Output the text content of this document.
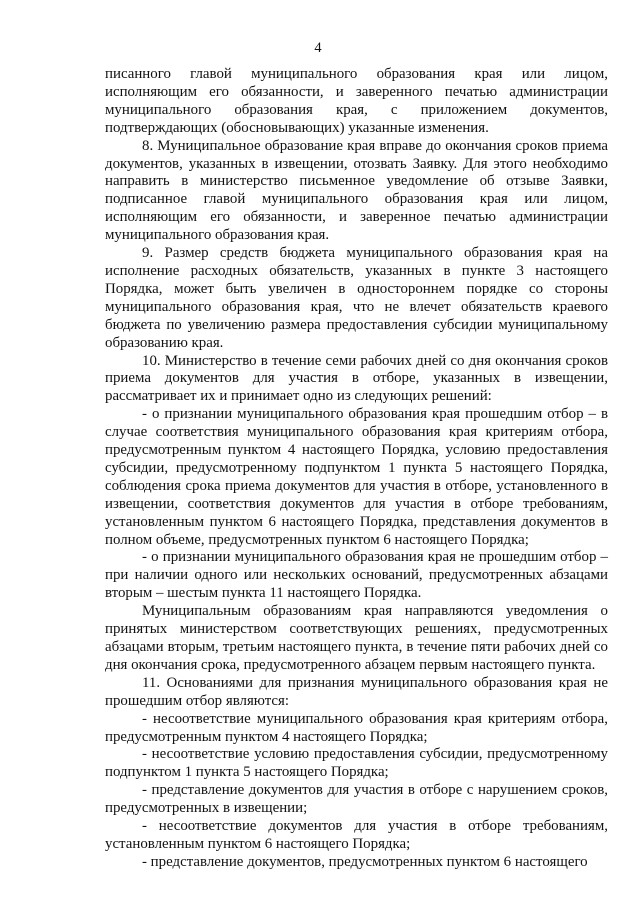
4

писанного главой муниципального образования края или лицом, исполняющим его обязанности, и заверенного печатью администрации муниципального образования края, с приложением документов, подтверждающих (обосновывающих) указанные изменения.

8. Муниципальное образование края вправе до окончания сроков приема документов, указанных в извещении, отозвать Заявку. Для этого необходимо направить в министерство письменное уведомление об отзыве Заявки, подписанное главой муниципального образования края или лицом, исполняющим его обязанности, и заверенное печатью администрации муниципального образования края.

9. Размер средств бюджета муниципального образования края на исполнение расходных обязательств, указанных в пункте 3 настоящего Порядка, может быть увеличен в одностороннем порядке со стороны муниципального образования края, что не влечет обязательств краевого бюджета по увеличению размера предоставления субсидии муниципальному образованию края.

10. Министерство в течение семи рабочих дней со дня окончания сроков приема документов для участия в отборе, указанных в извещении, рассматривает их и принимает одно из следующих решений:

- о признании муниципального образования края прошедшим отбор – в случае соответствия муниципального образования края критериям отбора, предусмотренным пунктом 4 настоящего Порядка, условию предоставления субсидии, предусмотренному подпунктом 1 пункта 5 настоящего Порядка, соблюдения срока приема документов для участия в отборе, установленного в извещении, соответствия документов для участия в отборе требованиям, установленным пунктом 6 настоящего Порядка, представления документов в полном объеме, предусмотренных пунктом 6 настоящего Порядка;

- о признании муниципального образования края не прошедшим отбор – при наличии одного или нескольких оснований, предусмотренных абзацами вторым – шестым пункта 11 настоящего Порядка.

Муниципальным образованиям края направляются уведомления о принятых министерством соответствующих решениях, предусмотренных абзацами вторым, третьим настоящего пункта, в течение пяти рабочих дней со дня окончания срока, предусмотренного абзацем первым настоящего пункта.

11. Основаниями для признания муниципального образования края не прошедшим отбор являются:

- несоответствие муниципального образования края критериям отбора, предусмотренным пунктом 4 настоящего Порядка;

- несоответствие условию предоставления субсидии, предусмотренному подпунктом 1 пункта 5 настоящего Порядка;

- представление документов для участия в отборе с нарушением сроков, предусмотренных в извещении;

- несоответствие документов для участия в отборе требованиям, установленным пунктом 6 настоящего Порядка;

- представление документов, предусмотренных пунктом 6 настоящего
